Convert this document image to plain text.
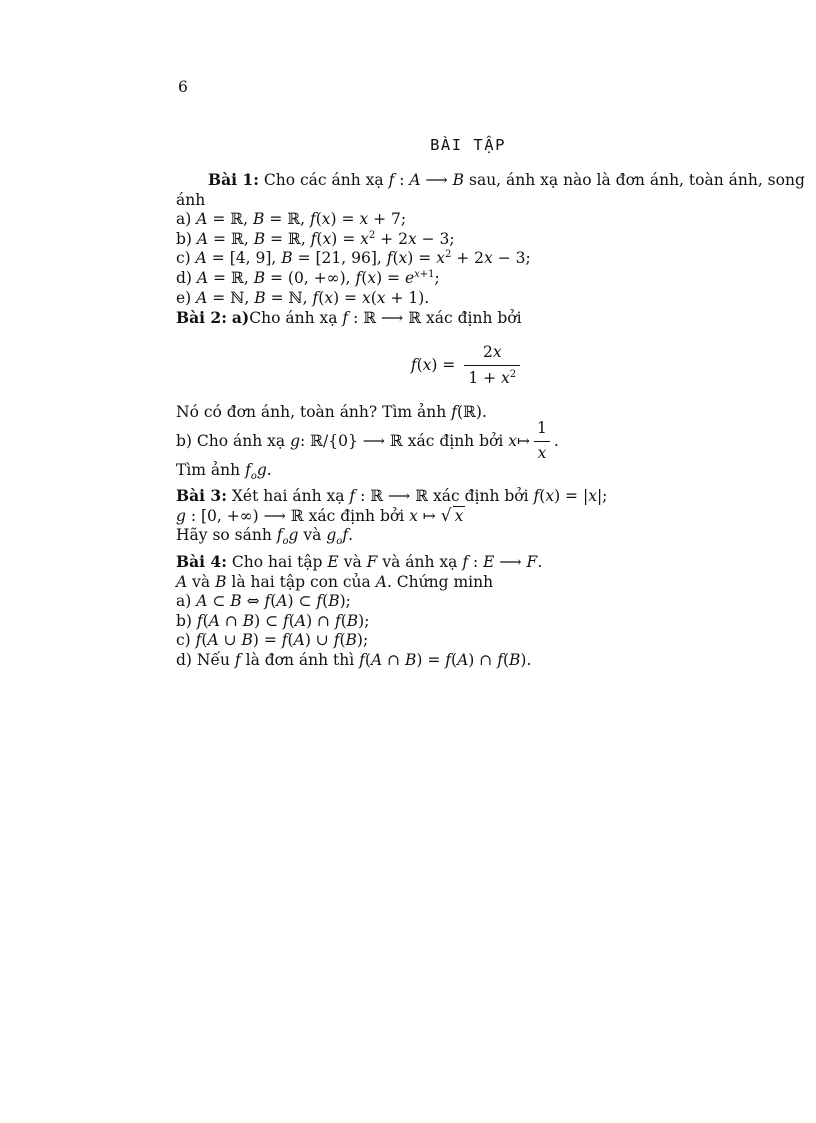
6
BÀI TẬP
Bài 1: Cho các ánh xạ f : A ⟶ B sau, ánh xạ nào là đơn ánh, toàn ánh, song
ánh
a) A = ℝ, B = ℝ, f(x) = x + 7;
b) A = ℝ, B = ℝ, $f(x) = x^2 + 2x - 3$;
c) A = [4, 9], B = [21, 96], $f(x) = x^2 + 2x - 3$;
d) A = ℝ, B = (0, +∞), $f(x) = e^{x+1}$;
e) A = ℕ, B = ℕ, f(x) = x(x + 1).
Bài 2: a)Cho ánh xạ f : ℝ ⟶ ℝ xác định bởi
$f(x) = \frac{2x}{1 + x^2}$
Nó có đơn ánh, toàn ánh? Tìm ảnh f(ℝ).
b) Cho ánh xạ
g : ℝ/{0} ⟶ ℝ xác định bởi
x ↦ $\frac{1}{x}$ .
Tìm ảnh $f_og$.
Bài 3: Xét hai ánh xạ f : ℝ ⟶ ℝ xác định bởi f(x) = |x|;
g : [0, +∞) ⟶ ℝ xác định bởi x ↦ √ x
Hãy so sánh $f_og$ và $g_of$.
Bài 4: Cho hai tập E và F và ánh xạ f : E ⟶ F.
A và B là hai tập con của A. Chứng minh
a) A ⊂ B ⇔ f(A) ⊂ f(B);
b) f(A ∩ B) ⊂ f(A) ∩ f(B);
c) f(A ∪ B) = f(A) ∪ f(B);
d) Nếu f là đơn ánh thì f(A ∩ B) = f(A) ∩ f(B).
